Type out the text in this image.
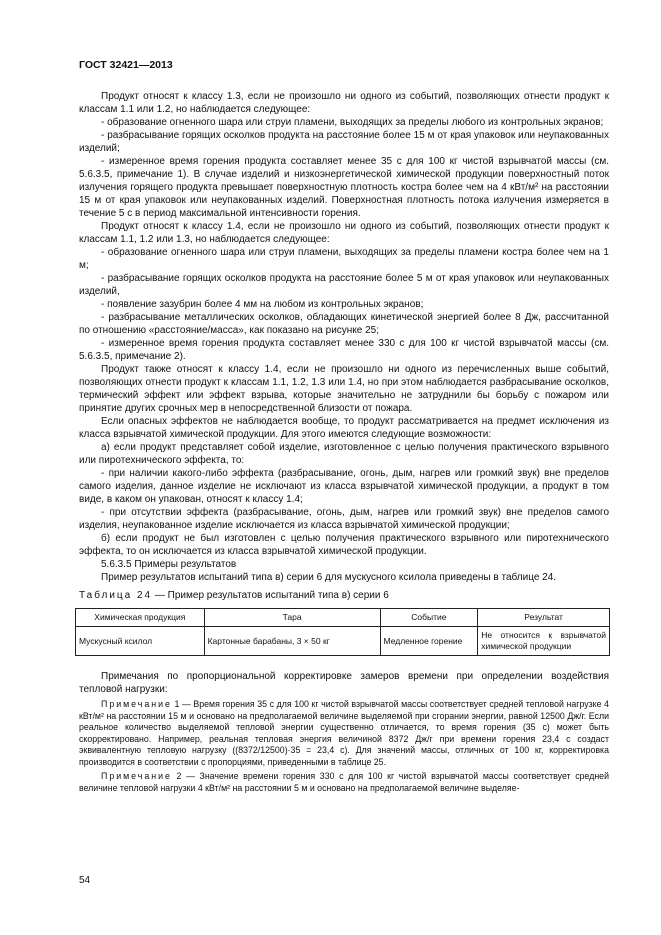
ГОСТ 32421—2013

Продукт относят к классу 1.3, если не произошло ни одного из событий, позволяющих отнести продукт к классам 1.1 или 1.2, но наблюдается следующее:

- образование огненного шара или струи пламени, выходящих за пределы любого из контрольных экранов;

- разбрасывание горящих осколков продукта на расстояние более 15 м от края упаковок или неупакованных изделий;

- измеренное время горения продукта составляет менее 35 с для 100 кг чистой взрывчатой массы (см. 5.6.3.5, примечание 1). В случае изделий и низкоэнергетической химической продукции поверхностный поток излучения горящего продукта превышает поверхностную плотность костра более чем на 4 кВт/м² на расстоянии 15 м от края упаковок или неупакованных изделий. Поверхностная плотность потока излучения измеряется в течение 5 с в период максимальной интенсивности горения.

Продукт относят к классу 1.4, если не произошло ни одного из событий, позволяющих отнести продукт к классам 1.1, 1.2 или 1.3, но наблюдается следующее:

- образование огненного шара или струи пламени, выходящих за пределы пламени костра более чем на 1 м;

- разбрасывание горящих осколков продукта на расстояние более 5 м от края упаковок или неупакованных изделий,

- появление зазубрин более 4 мм на любом из контрольных экранов;

- разбрасывание металлических осколков, обладающих кинетической энергией более 8 Дж, рассчитанной по отношению «расстояние/масса», как показано на рисунке 25;

- измеренное время горения продукта составляет менее 330 с для 100 кг чистой взрывчатой массы (см. 5.6.3.5, примечание 2).

Продукт также относят к классу 1.4, если не произошло ни одного из перечисленных выше событий, позволяющих отнести продукт к классам 1.1, 1.2, 1.3 или 1.4, но при этом наблюдается разбрасывание осколков, термический эффект или эффект взрыва, которые значительно не затруднили бы борьбу с пожаром или принятие других срочных мер в непосредственной близости от пожара.

Если опасных эффектов не наблюдается вообще, то продукт рассматривается на предмет исключения из класса взрывчатой химической продукции. Для этого имеются следующие возможности:

а) если продукт представляет собой изделие, изготовленное с целью получения практического взрывного или пиротехнического эффекта, то:

- при наличии какого-либо эффекта (разбрасывание, огонь, дым, нагрев или громкий звук) вне пределов самого изделия, данное изделие не исключают из класса взрывчатой химической продукции, а продукт в том виде, в каком он упакован, относят к классу 1.4;

- при отсутствии эффекта (разбрасывание, огонь, дым, нагрев или громкий звук) вне пределов самого изделия, неупакованное изделие исключается из класса взрывчатой химической продукции;

б) если продукт не был изготовлен с целью получения практического взрывного или пиротехнического эффекта, то он исключается из класса взрывчатой химической продукции.

5.6.3.5 Примеры результатов

Пример результатов испытаний типа в) серии 6 для мускусного ксилола приведены в таблице 24.

Таблица 24 — Пример результатов испытаний типа в) серии 6

Химическая продукция	Тара	Событие	Результат
Мускусный ксилол	Картонные барабаны, 3 × 50 кг	Медленное горение	Не относится к взрывчатой химической продукции

Примечания по пропорциональной корректировке замеров времени при определении воздействия тепловой нагрузки:

Примечание 1 — Время горения 35 с для 100 кг чистой взрывчатой массы соответствует средней тепловой нагрузке 4 кВт/м² на расстоянии 15 м и основано на предполагаемой величине выделяемой при сгорании энергии, равной 12500 Дж/г. Если реальное количество выделяемой тепловой энергии существенно отличается, то время горения (35 с) может быть скорректировано. Например, реальная тепловая энергия величиной 8372 Дж/г при времени горения 23,4 с создаст эквивалентную тепловую нагрузку ((8372/12500)·35 = 23,4 с). Для значений массы, отличных от 100 кг, корректировка производится в соответствии с пропорциями, приведенными в таблице 25.

Примечание 2 — Значение времени горения 330 с для 100 кг чистой взрывчатой массы соответствует средней величине тепловой нагрузки 4 кВт/м² на расстоянии 5 м и основано на предполагаемой величине выделяе-

54
